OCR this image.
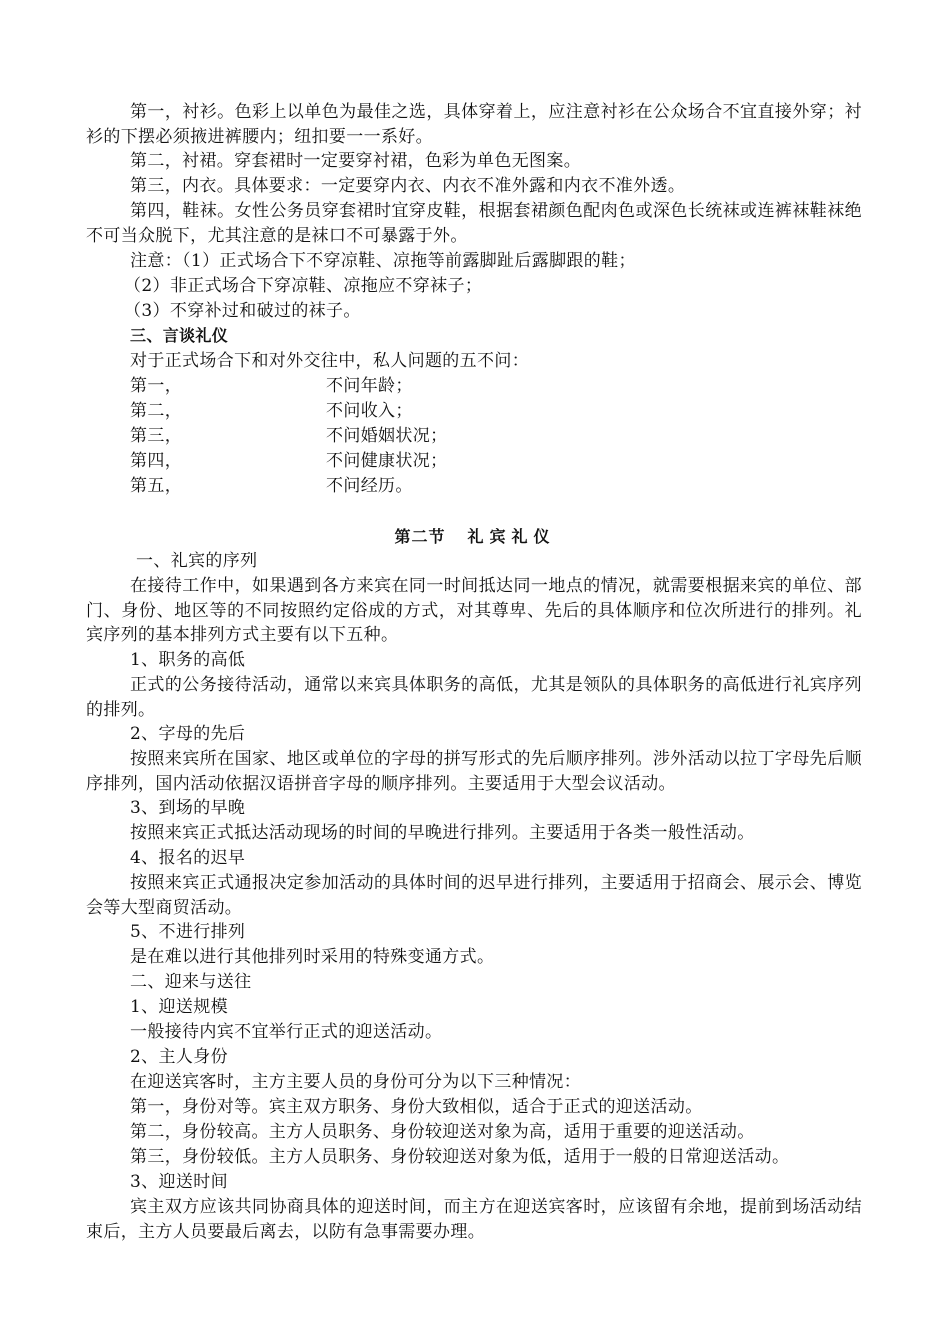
第一，衬衫。色彩上以单色为最佳之选，具体穿着上，应注意衬衫在公众场合不宜直接外穿；衬衫的下摆必须掖进裤腰内；纽扣要一一系好。
第二，衬裙。穿套裙时一定要穿衬裙，色彩为单色无图案。
第三，内衣。具体要求：一定要穿内衣、内衣不准外露和内衣不准外透。
第四，鞋袜。女性公务员穿套裙时宜穿皮鞋，根据套裙颜色配肉色或深色长统袜或连裤袜鞋袜绝不可当众脱下，尤其注意的是袜口不可暴露于外。
注意：（1）正式场合下不穿凉鞋、凉拖等前露脚趾后露脚跟的鞋；
（2）非正式场合下穿凉鞋、凉拖应不穿袜子；
（3）不穿补过和破过的袜子。
三、言谈礼仪
对于正式场合下和对外交往中，私人问题的五不问：
第一，	不问年龄；
第二，	不问收入；
第三，	不问婚姻状况；
第四，	不问健康状况；
第五，	不问经历。
第二节 礼宾礼仪
一、礼宾的序列
在接待工作中，如果遇到各方来宾在同一时间抵达同一地点的情况，就需要根据来宾的单位、部门、身份、地区等的不同按照约定俗成的方式，对其尊卑、先后的具体顺序和位次所进行的排列。礼宾序列的基本排列方式主要有以下五种。
1、职务的高低
正式的公务接待活动，通常以来宾具体职务的高低，尤其是领队的具体职务的高低进行礼宾序列的排列。
2、字母的先后
按照来宾所在国家、地区或单位的字母的拼写形式的先后顺序排列。涉外活动以拉丁字母先后顺序排列，国内活动依据汉语拼音字母的顺序排列。主要适用于大型会议活动。
3、到场的早晚
按照来宾正式抵达活动现场的时间的早晚进行排列。主要适用于各类一般性活动。
4、报名的迟早
按照来宾正式通报决定参加活动的具体时间的迟早进行排列，主要适用于招商会、展示会、博览会等大型商贸活动。
5、不进行排列
是在难以进行其他排列时采用的特殊变通方式。
二、迎来与送往
1、迎送规模
一般接待内宾不宜举行正式的迎送活动。
2、主人身份
在迎送宾客时，主方主要人员的身份可分为以下三种情况：
第一，身份对等。宾主双方职务、身份大致相似，适合于正式的迎送活动。
第二，身份较高。主方人员职务、身份较迎送对象为高，适用于重要的迎送活动。
第三，身份较低。主方人员职务、身份较迎送对象为低，适用于一般的日常迎送活动。
3、迎送时间
宾主双方应该共同协商具体的迎送时间，而主方在迎送宾客时，应该留有余地，提前到场活动结束后，主方人员要最后离去，以防有急事需要办理。
